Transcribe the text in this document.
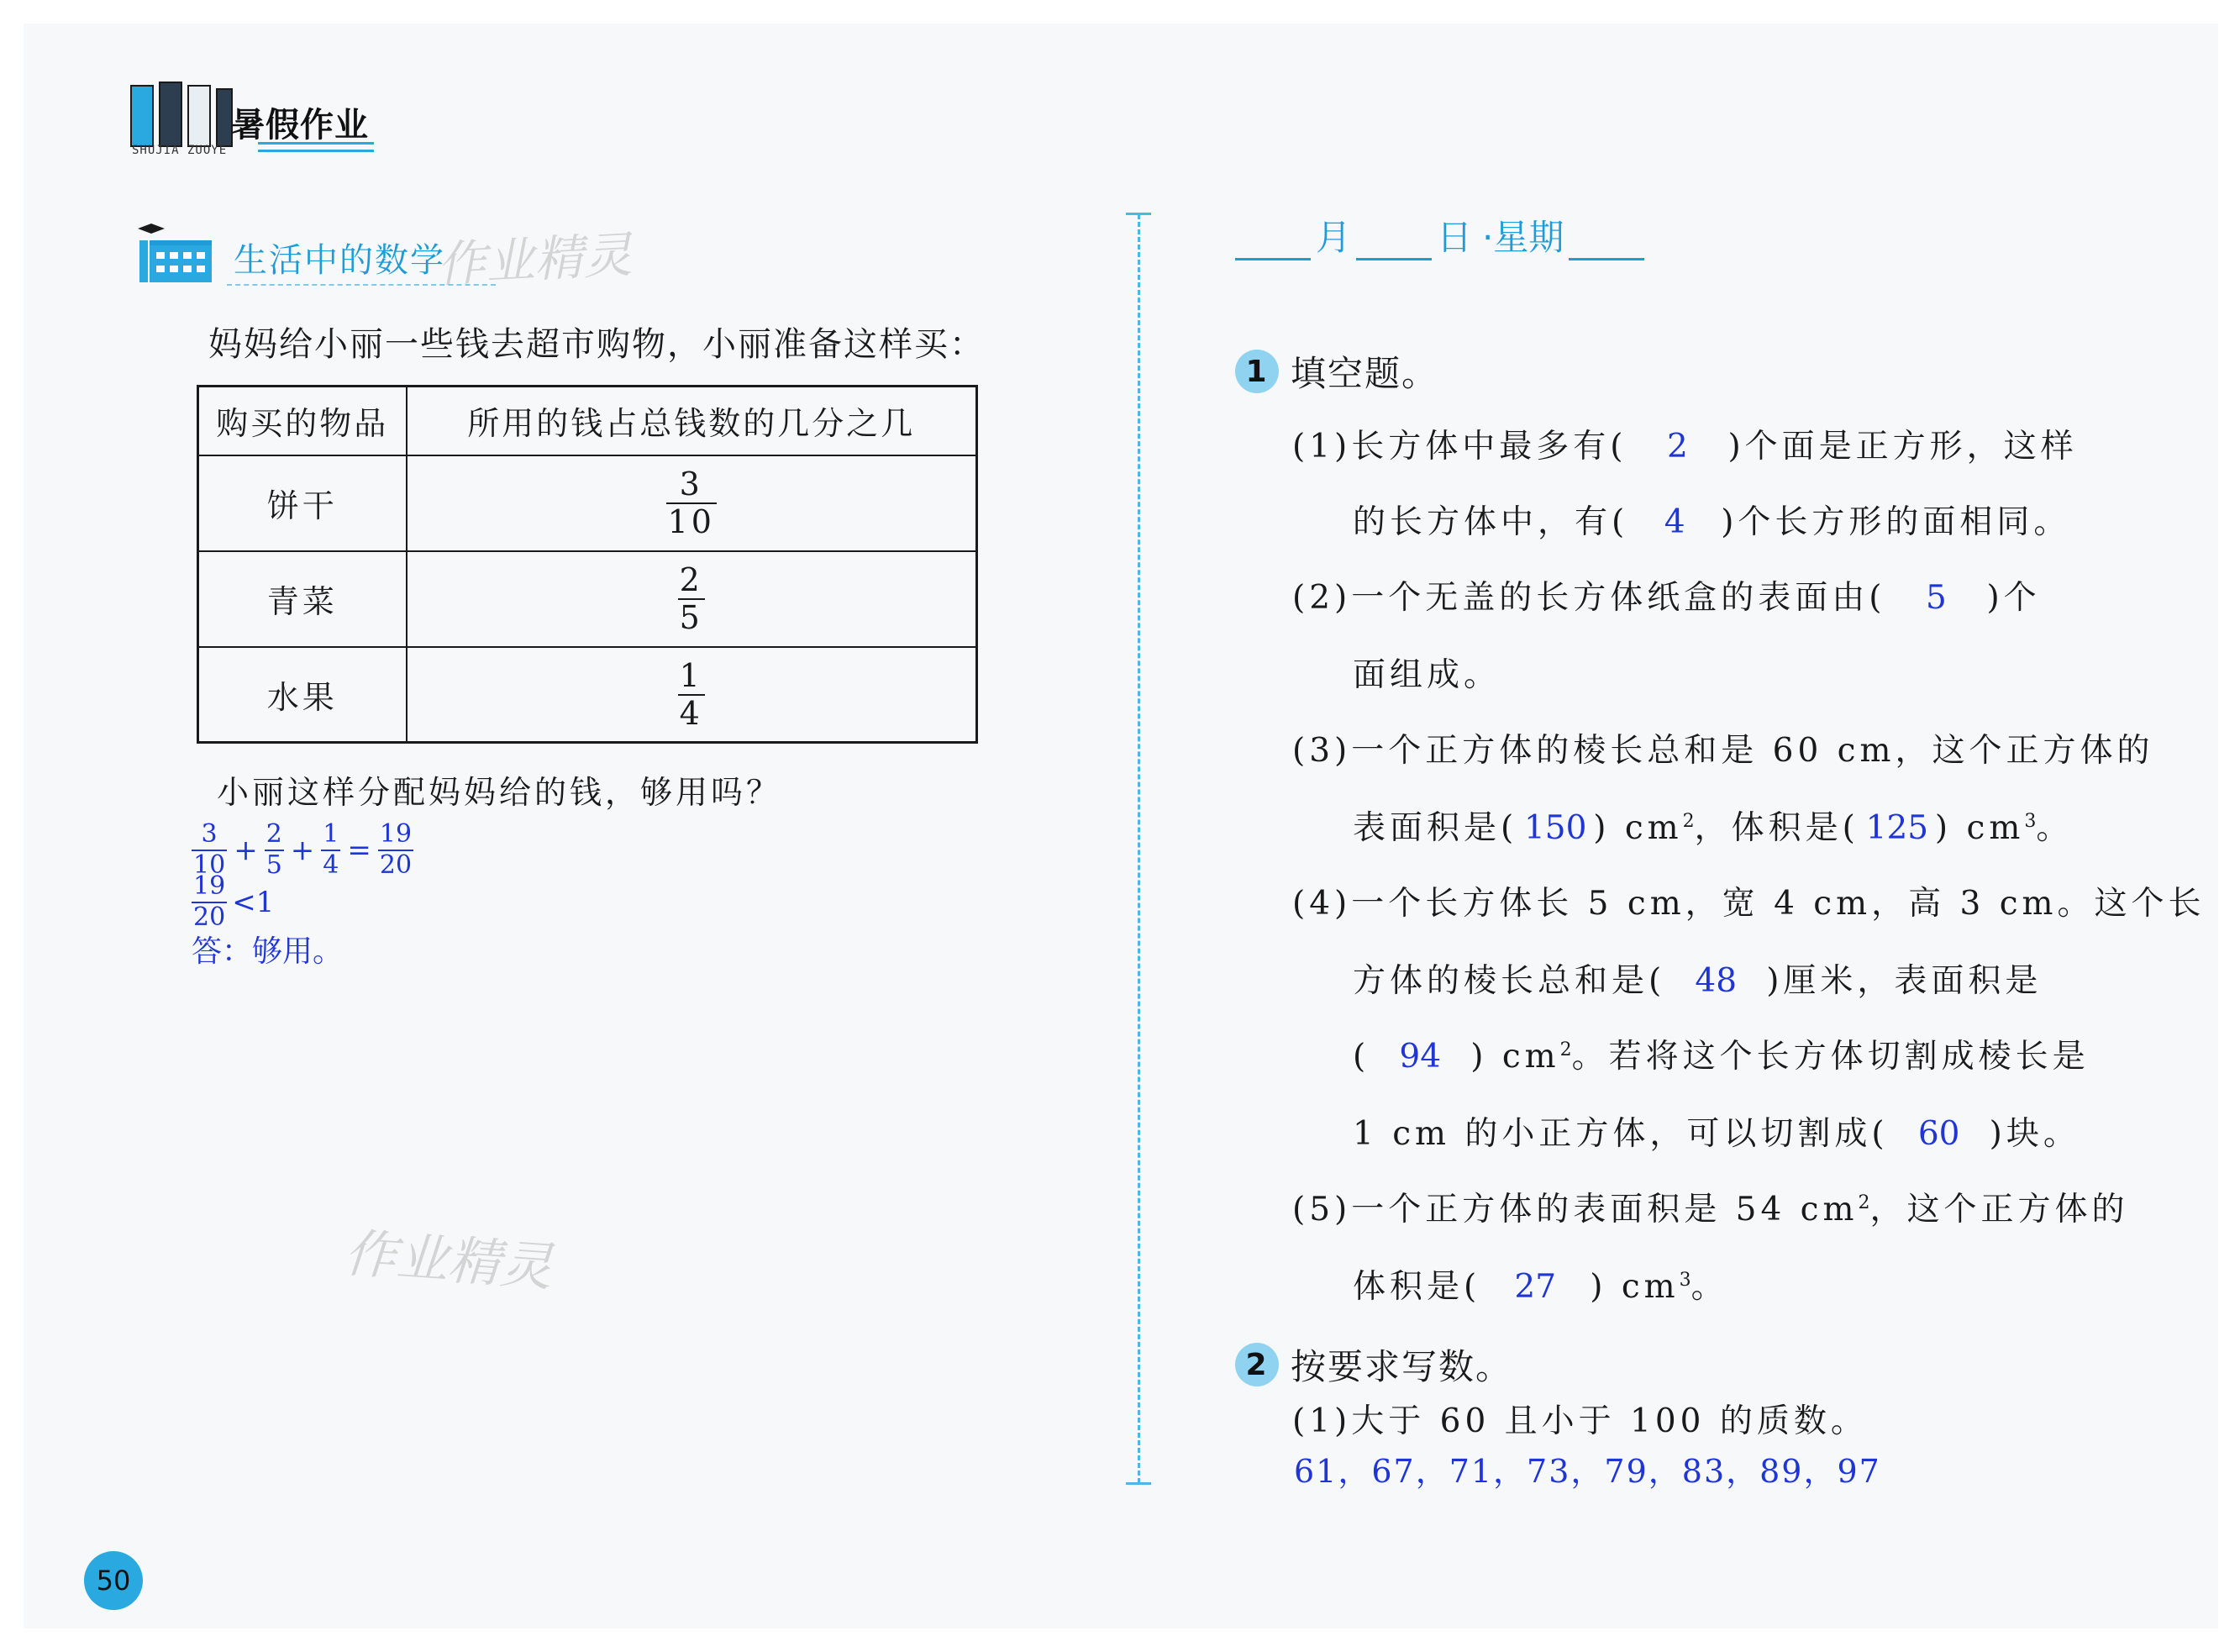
暑假作业
SHUJIA ZUOYE
生活中的数学
作业精灵
作业精灵
妈妈给小丽一些钱去超市购物，小丽准备这样买：
购买的物品	所用的钱占总钱数的几分之几
饼干	$\frac{3}{10}$

青菜	$\frac{2}{5}$

水果	$\frac{1}{4}$
小丽这样分配妈妈给的钱，够用吗？
$\frac{3}{10} + \frac{2}{5} + \frac{1}{4} = \frac{19}{20}$
$\frac{19}{20} <1$
答：够用。
50
月 日 ·星期
1 填空题。
(1)长方体中最多有( 2 )个面是正方形，这样
的长方体中，有( 4 )个长方形的面相同。
(2)一个无盖的长方体纸盒的表面由( 5 )个
面组成。
(3)一个正方体的棱长总和是 60 cm，这个正方体的
表面积是( 150 ) $cm^2$，体积是( 125 ) $cm^3$。
(4)一个长方体长 5 cm，宽 4 cm，高 3 cm。这个长
方体的棱长总和是( 48 )厘米，表面积是
( 94 ) $cm^2$。若将这个长方体切割成棱长是
1 cm 的小正方体，可以切割成( 60 )块。
(5)一个正方体的表面积是 54 $cm^2$，这个正方体的
体积是( 27 ) $cm^3$。
2 按要求写数。
(1)大于 60 且小于 100 的质数。
61，67，71，73，79，83，89，97
